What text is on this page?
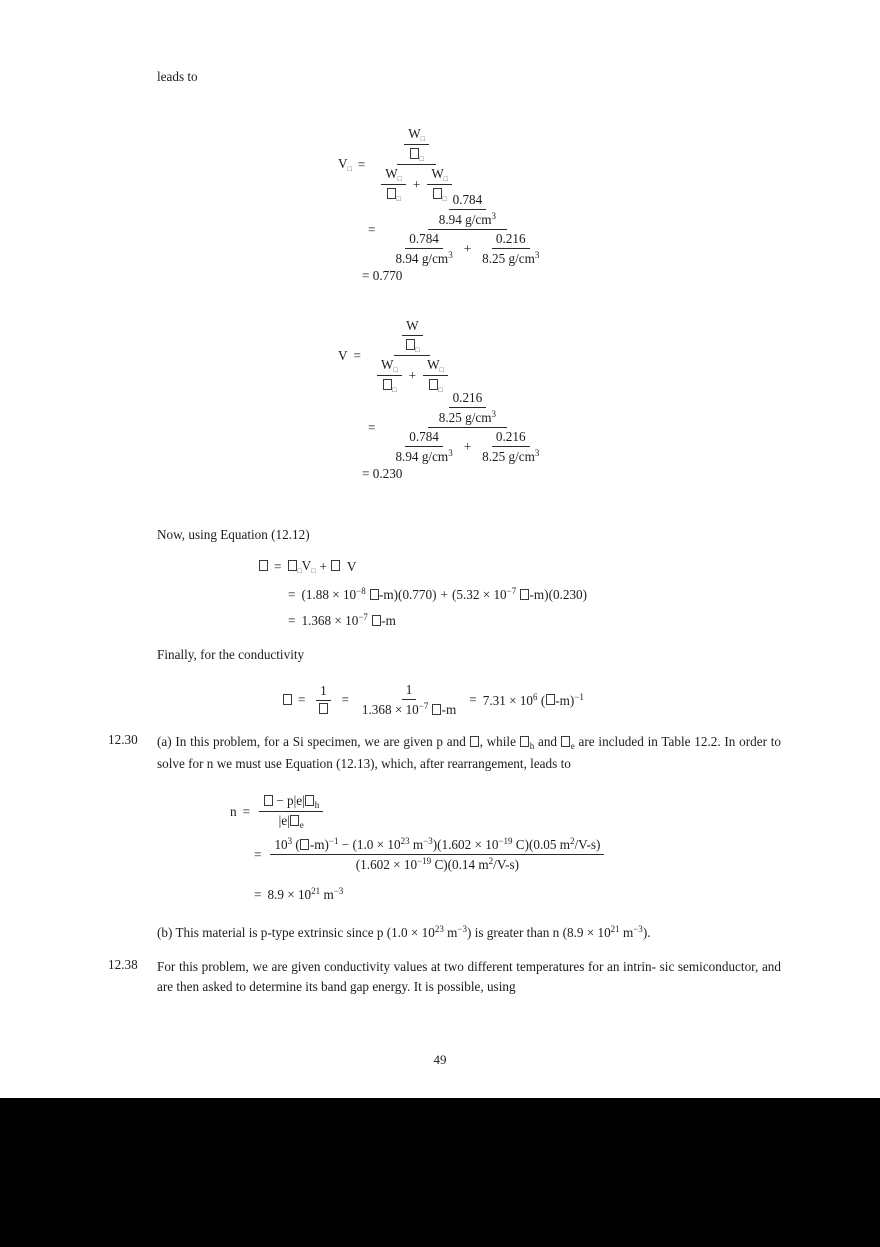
leads to
$V_□$ =
$\frac{W_□}{_□}$
$\frac{W_□}{_□} + \frac{W_□}{_□}$
=
$\frac{0.784}{8.94 g/cm^3}$
$\frac{0.784}{8.94 g/cm^3} + \frac{0.216}{8.25 g/cm^3}$
= 0.770
V =
$\frac{W}{_□}$
$\frac{W_□}{_□} + \frac{W_□}{_□}$
=
$\frac{0.216}{8.25 g/cm^3}$
$\frac{0.784}{8.94 g/cm^3} + \frac{0.216}{8.25 g/cm^3}$
= 0.230
Now, using Equation (12.12)
=	$_□$ $V_□ + V$
= ($1.88 \times 10^{-8}$ $-m)(0.770) + (5.32 \times 10^{-7}$ -m)(0.230)
= $1.368 \times 10^{-7}$ -m
Finally, for the conductivity
=
1
= $\frac{1}{1.368 \times 10^{-7} -m} = 7.31 \times 10^6$ ( -m)$^{-1}$
12.30 (a) In this problem, for a Si specimen, we are given p and , while $_h$ and $_e$ are included in Table 12.2. In order to solve for n we must use Equation (12.13), which, after rearrangement, leads to
$n = \frac{- p|e| _h}{|e| _e}$
= $\frac{10^3 ( -m)^{-1} - (1.0 \times 10^{23} m^{-3})(1.602 \times 10^{-19} C)(0.05 m^2/V-s)}{(1.602 \times 10^{-19} C)(0.14 m^2/V-s)}$
= $8.9 \times 10^{21}$ $m^{-3}$
(b) This material is p-type extrinsic since p ($1.0 \times 10^{23}$ $m^{-3}$) is greater than n ($8.9 \times 10^{21}$ $m^{-3}$).
12.38 For this problem, we are given conductivity values at two different temperatures for an intrin- sic semiconductor, and are then asked to determine its band gap energy. It is possible, using
49
